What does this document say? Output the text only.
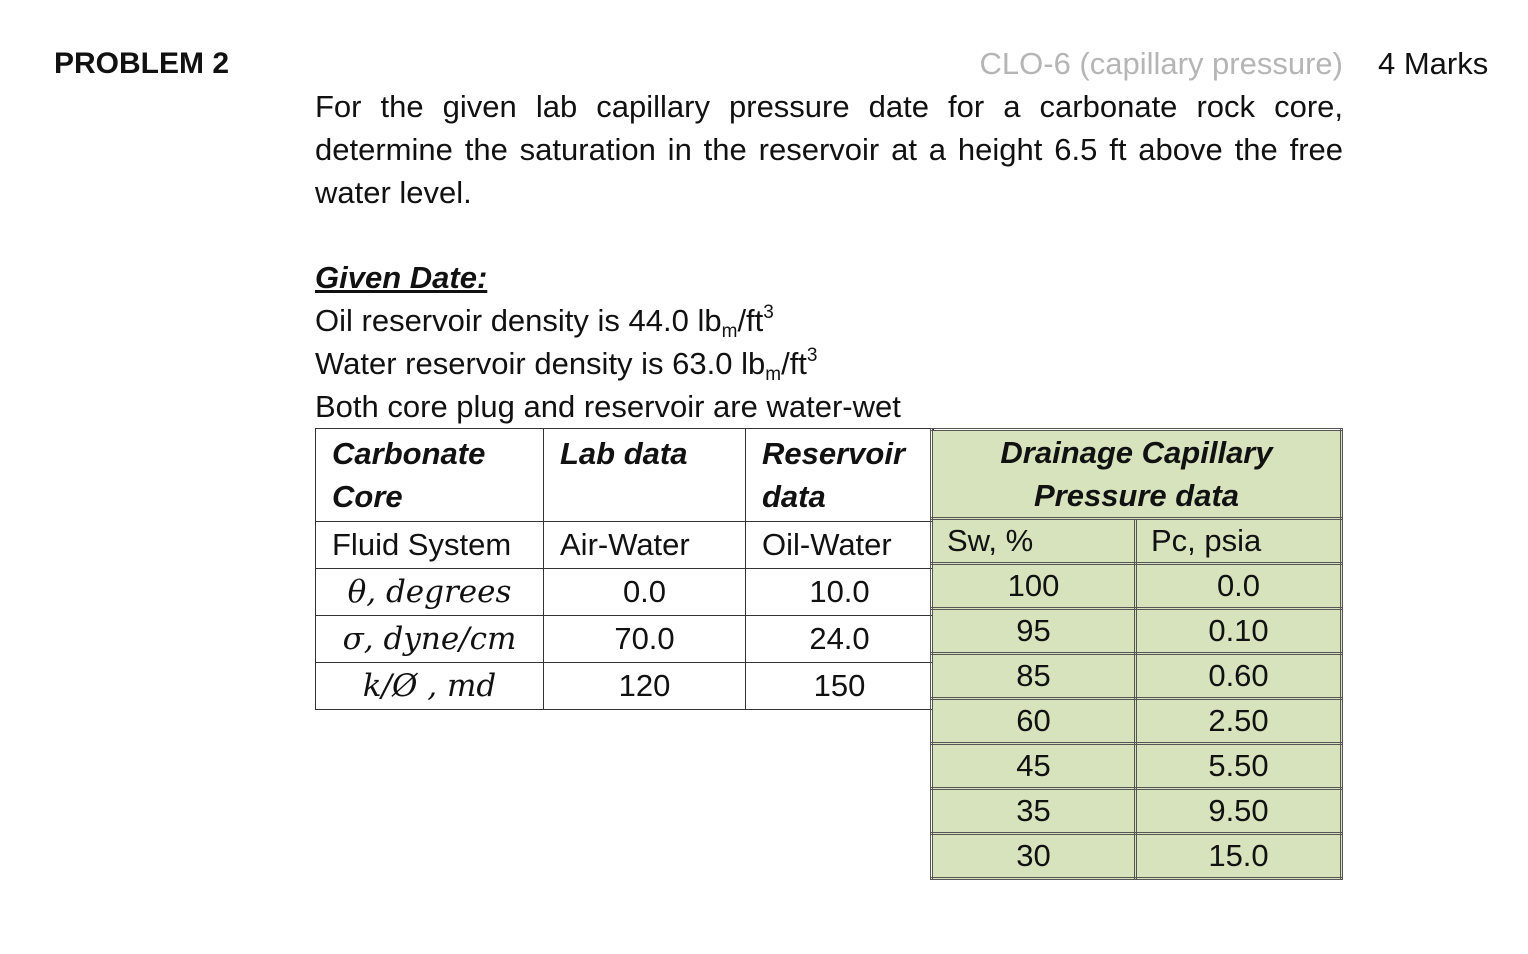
PROBLEM 2	CLO-6 (capillary pressure) 4 Marks

For the given lab capillary pressure date for a carbonate rock core, determine the saturation in the reservoir at a height 6.5 ft above the free water level.

Given Date:
Oil reservoir density is 44.0 $lb_m/ft^3$
Water reservoir density is 63.0 $lb_m/ft^3$
Both core plug and reservoir are water-wet
Carbonate Core	Lab data	Reservoir data
Fluid System	Air-Water	Oil-Water
θ, degrees	0.0	10.0
σ, dyne/cm	70.0	24.0
k/Ø , md	120	150
Drainage Capillary Pressure data	
Sw, %	Pc, psia
100	0.0
95	0.10
85	0.60
60	2.50
45	5.50
35	9.50
30	15.0
